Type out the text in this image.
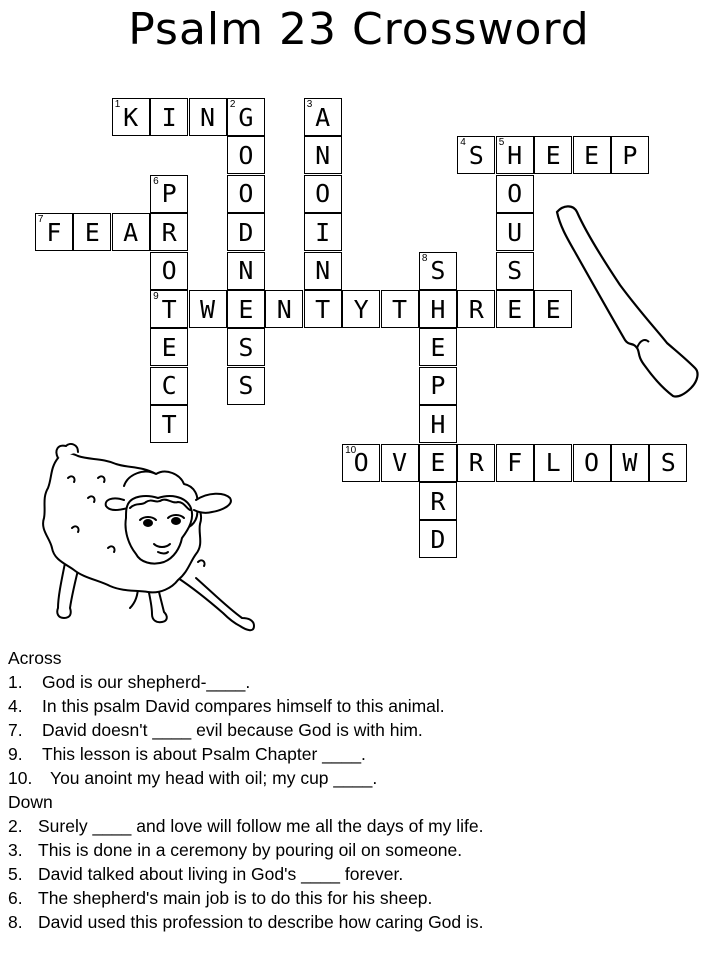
Psalm 23 Crossword
1 K I N 2 G
O
O
D
N
E
S
S
3 A
N
O
I
N
T
4 S 5 H E E P
O
U
S
E
6 P
R
O
9 T
E
C
T
7 F E A
8 S
H
E
P
H
E
R
D
W N Y T R E
10
O V R F L O W S
Across
1. God is our shepherd-____.
4. In this psalm David compares himself to this animal.
7. David doesn't ____ evil because God is with him.
9. This lesson is about Psalm Chapter ____.
10. You anoint my head with oil; my cup ____.
Down
2. Surely ____ and love will follow me all the days of my life.
3. This is done in a ceremony by pouring oil on someone.
5. David talked about living in God's ____ forever.
6. The shepherd's main job is to do this for his sheep.
8. David used this profession to describe how caring God is.
